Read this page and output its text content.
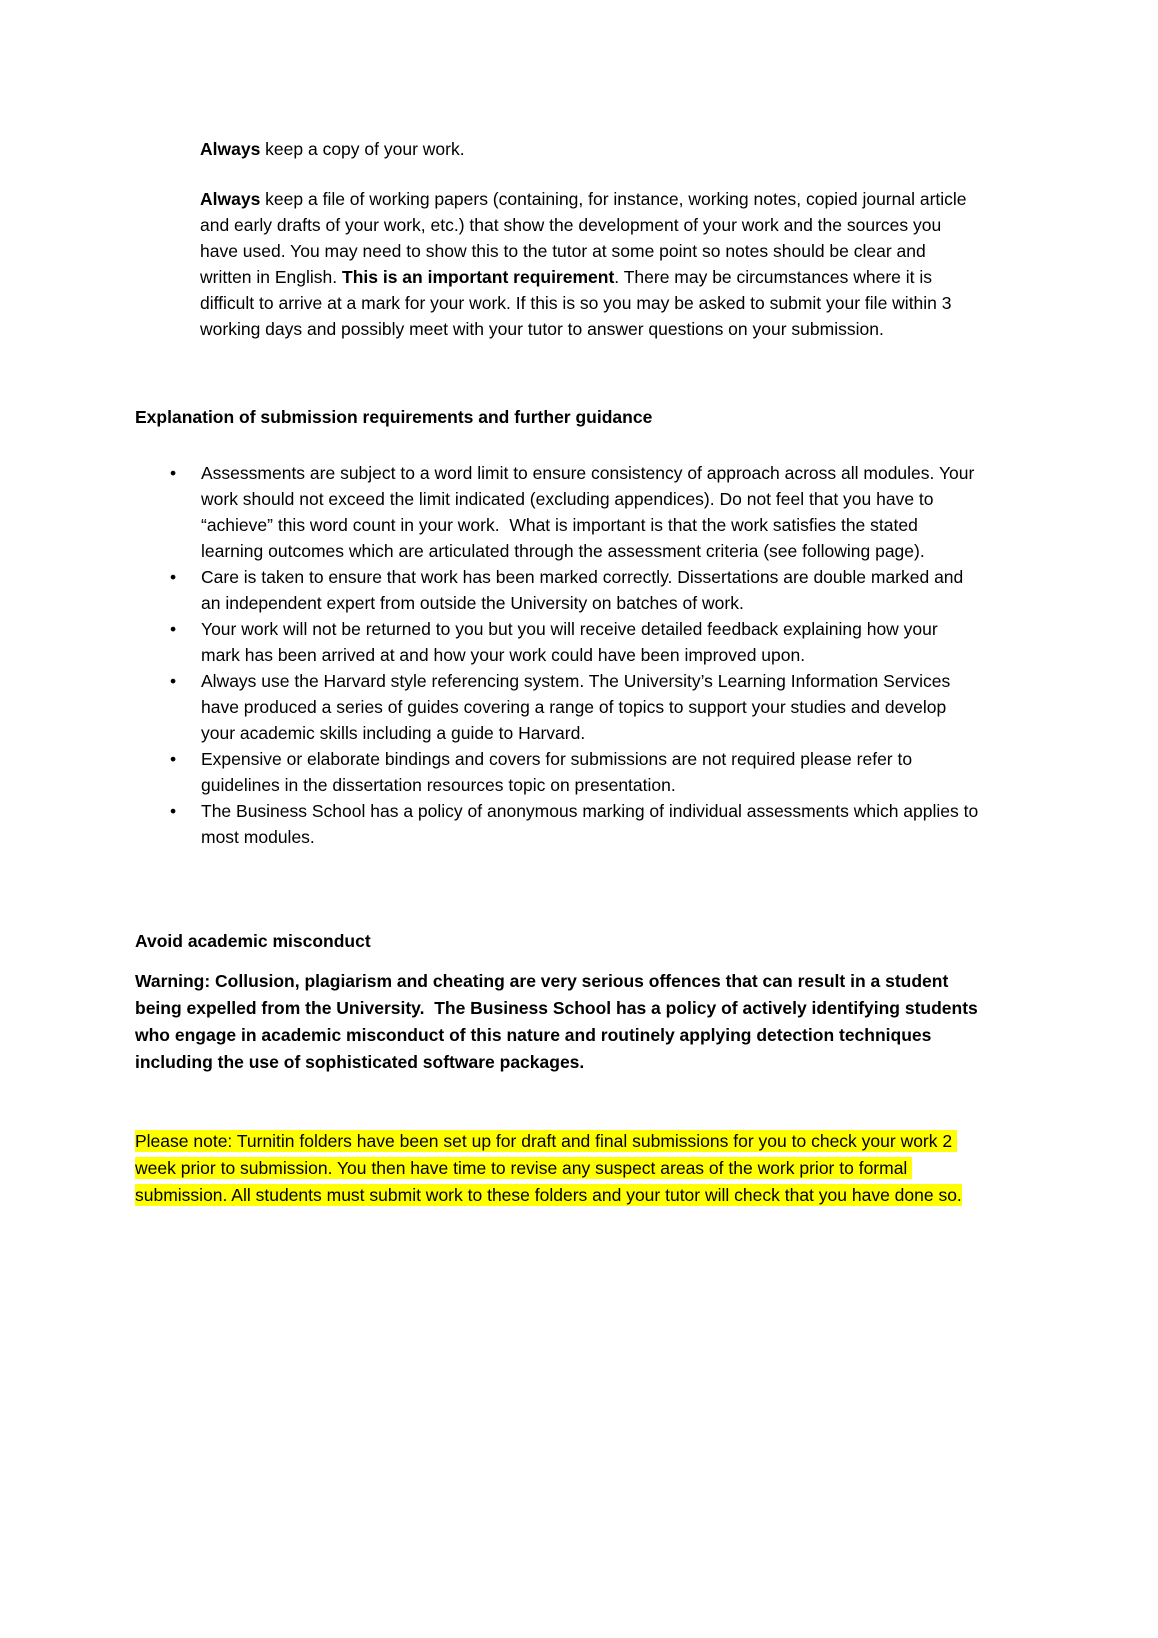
Always keep a copy of your work.

Always keep a file of working papers (containing, for instance, working notes, copied journal article and early drafts of your work, etc.) that show the development of your work and the sources you have used. You may need to show this to the tutor at some point so notes should be clear and written in English. This is an important requirement. There may be circumstances where it is difficult to arrive at a mark for your work. If this is so you may be asked to submit your file within 3 working days and possibly meet with your tutor to answer questions on your submission.

Explanation of submission requirements and further guidance
• Assessments are subject to a word limit to ensure consistency of approach across all modules. Your work should not exceed the limit indicated (excluding appendices). Do not feel that you have to “achieve” this word count in your work.  What is important is that the work satisfies the stated learning outcomes which are articulated through the assessment criteria (see following page).
• Care is taken to ensure that work has been marked correctly. Dissertations are double marked and an independent expert from outside the University on batches of work.
• Your work will not be returned to you but you will receive detailed feedback explaining how your mark has been arrived at and how your work could have been improved upon.
• Always use the Harvard style referencing system. The University’s Learning Information Services have produced a series of guides covering a range of topics to support your studies and develop your academic skills including a guide to Harvard.
• Expensive or elaborate bindings and covers for submissions are not required please refer to guidelines in the dissertation resources topic on presentation.
• The Business School has a policy of anonymous marking of individual assessments which applies to most modules.
Avoid academic misconduct

Warning: Collusion, plagiarism and cheating are very serious offences that can result in a student being expelled from the University.  The Business School has a policy of actively identifying students who engage in academic misconduct of this nature and routinely applying detection techniques including the use of sophisticated software packages.

Please note: Turnitin folders have been set up for draft and final submissions for you to check your work 2 week prior to submission. You then have time to revise any suspect areas of the work prior to formal submission. All students must submit work to these folders and your tutor will check that you have done so.
